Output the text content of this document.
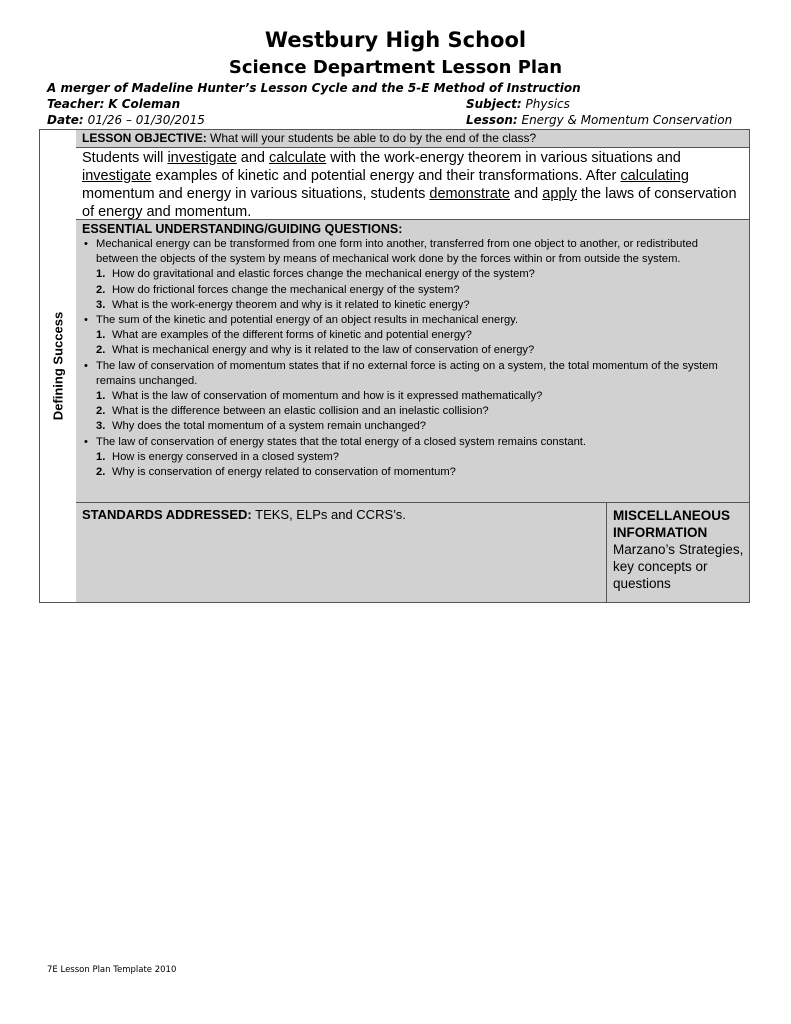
Westbury High School
Science Department Lesson Plan
A merger of Madeline Hunter’s Lesson Cycle and the 5-E Method of Instruction
Teacher: K Coleman	Subject: Physics
Date: 01/26 – 01/30/2015	Lesson: Energy & Momentum Conservation
Defining Success
LESSON OBJECTIVE: What will your students be able to do by the end of the class?
Students will investigate and calculate with the work-energy theorem in various situations and investigate examples of kinetic and potential energy and their transformations. After calculating momentum and energy in various situations, students demonstrate and apply the laws of conservation of energy and momentum.
ESSENTIAL UNDERSTANDING/GUIDING QUESTIONS:
• Mechanical energy can be transformed from one form into another, transferred from one object to another, or redistributed between the objects of the system by means of mechanical work done by the forces within or from outside the system.
1. How do gravitational and elastic forces change the mechanical energy of the system?
2. How do frictional forces change the mechanical energy of the system?
3. What is the work-energy theorem and why is it related to kinetic energy?
• The sum of the kinetic and potential energy of an object results in mechanical energy.
1. What are examples of the different forms of kinetic and potential energy?
2. What is mechanical energy and why is it related to the law of conservation of energy?
• The law of conservation of momentum states that if no external force is acting on a system, the total momentum of the system remains unchanged.
1. What is the law of conservation of momentum and how is it expressed mathematically?
2. What is the difference between an elastic collision and an inelastic collision?
3. Why does the total momentum of a system remain unchanged?
• The law of conservation of energy states that the total energy of a closed system remains constant.
1. How is energy conserved in a closed system?
2. Why is conservation of energy related to conservation of momentum?
STANDARDS ADDRESSED: TEKS, ELPs and CCRS’s.	MISCELLANEOUS INFORMATION
Marzano’s Strategies, key concepts or questions
7E Lesson Plan Template 2010
